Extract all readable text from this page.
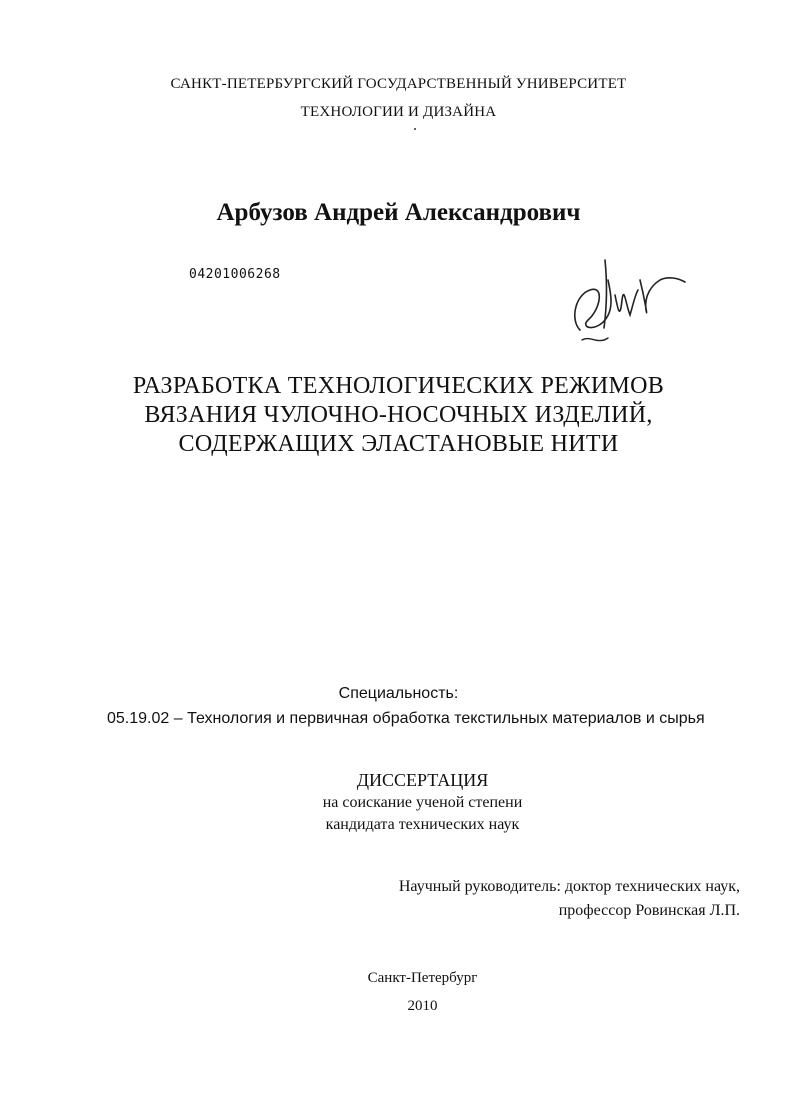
САНКТ-ПЕТЕРБУРГСКИЙ ГОСУДАРСТВЕННЫЙ УНИВЕРСИТЕТ
ТЕХНОЛОГИИ И ДИЗАЙНА
Арбузов Андрей Александрович
04201006268
РАЗРАБОТКА ТЕХНОЛОГИЧЕСКИХ РЕЖИМОВ
ВЯЗАНИЯ ЧУЛОЧНО-НОСОЧНЫХ ИЗДЕЛИЙ,
СОДЕРЖАЩИХ ЭЛАСТАНОВЫЕ НИТИ
Специальность:
05.19.02 – Технология и первичная обработка текстильных материалов и сырья
ДИССЕРТАЦИЯ
на соискание ученой степени
кандидата технических наук
Научный руководитель: доктор технических наук,
профессор Ровинская Л.П.
Санкт-Петербург
2010
